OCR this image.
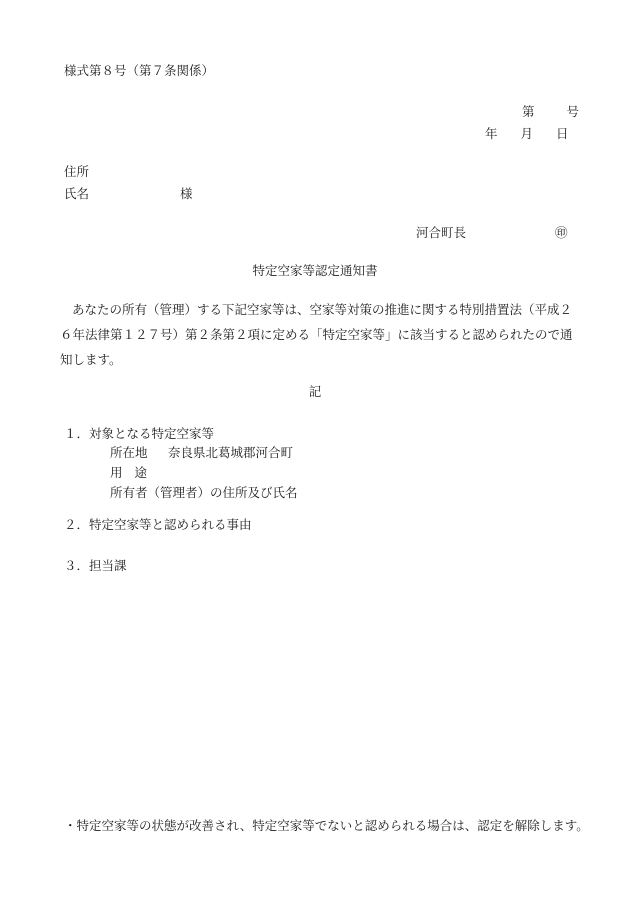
様式第８号（第７条関係）
第	号
年 月 日
住所
氏名	様
河合町長	㊞
特定空家等認定通知書
あなたの所有（管理）する下記空家等は、空家等対策の推進に関する特別措置法（平成２６年法律第１２７号）第２条第２項に定める「特定空家等」に該当すると認められたので通知します。
記
１．対象となる特定空家等
所在地 奈良県北葛城郡河合町
用途
所有者（管理者）の住所及び氏名
２．特定空家等と認められる事由
３．担当課
・特定空家等の状態が改善され、特定空家等でないと認められる場合は、認定を解除します。
